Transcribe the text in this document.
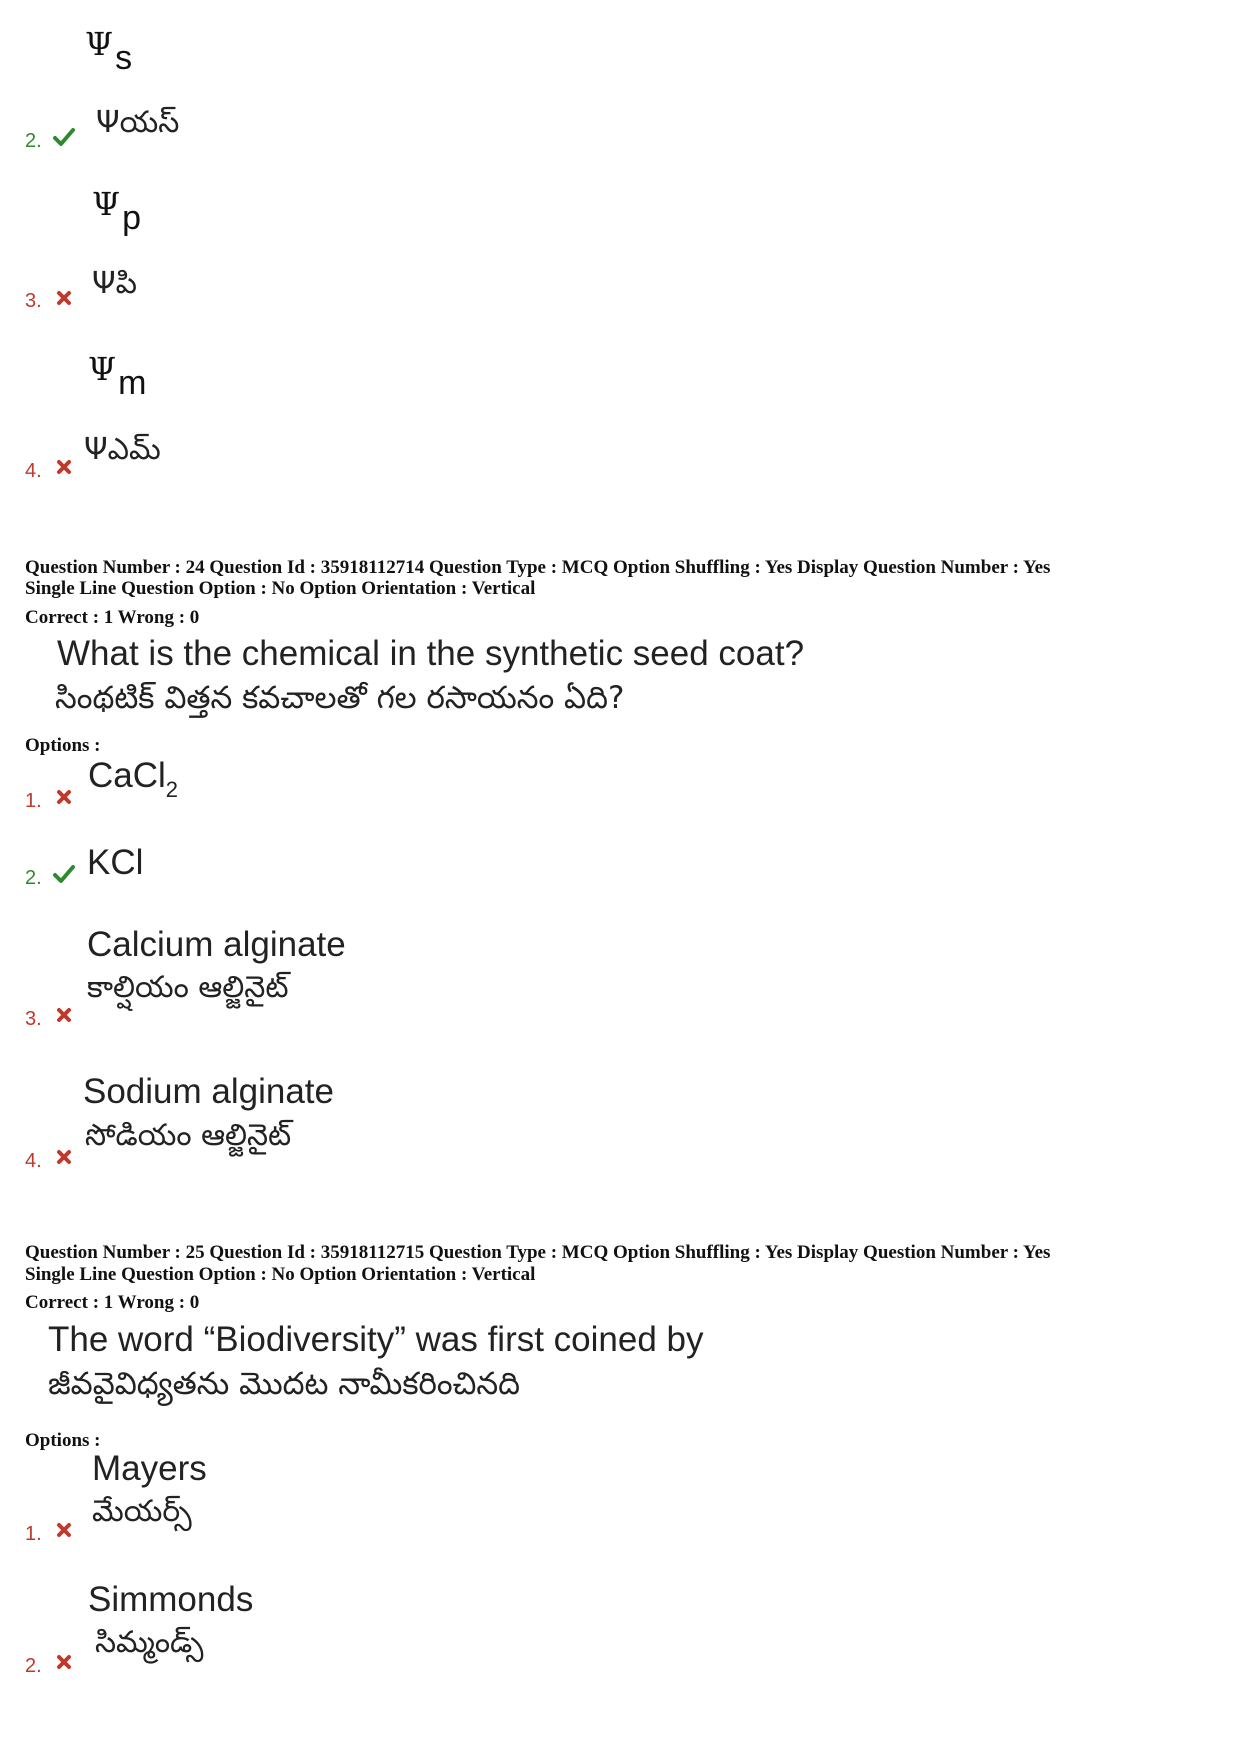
Ψs
2.
Ψయస్
Ψp
3. Ψపి
Ψm
4.
Ψఎమ్
Question Number : 24 Question Id : 35918112714 Question Type : MCQ Option Shuffling : Yes Display Question Number : Yes
Single Line Question Option : No Option Orientation : Vertical
Correct : 1 Wrong : 0
What is the chemical in the synthetic seed coat?
సింథటిక్ విత్తన కవచాలతో గల రసాయనం ఏది?
Options :
1.
CaCl$_2$
2. KCl
Calcium alginate
కాల్షియం ఆల్జినైట్
3.
Sodium alginate
సోడియం ఆల్జినైట్
4.
Question Number : 25 Question Id : 35918112715 Question Type : MCQ Option Shuffling : Yes Display Question Number : Yes
Single Line Question Option : No Option Orientation : Vertical
Correct : 1 Wrong : 0
The word “Biodiversity” was first coined by
జీవవైవిధ్యతను మొదట నామీకరించినది
Options :
Mayers
మేయర్స్
1.
Simmonds
సిమ్మండ్స్
2.
